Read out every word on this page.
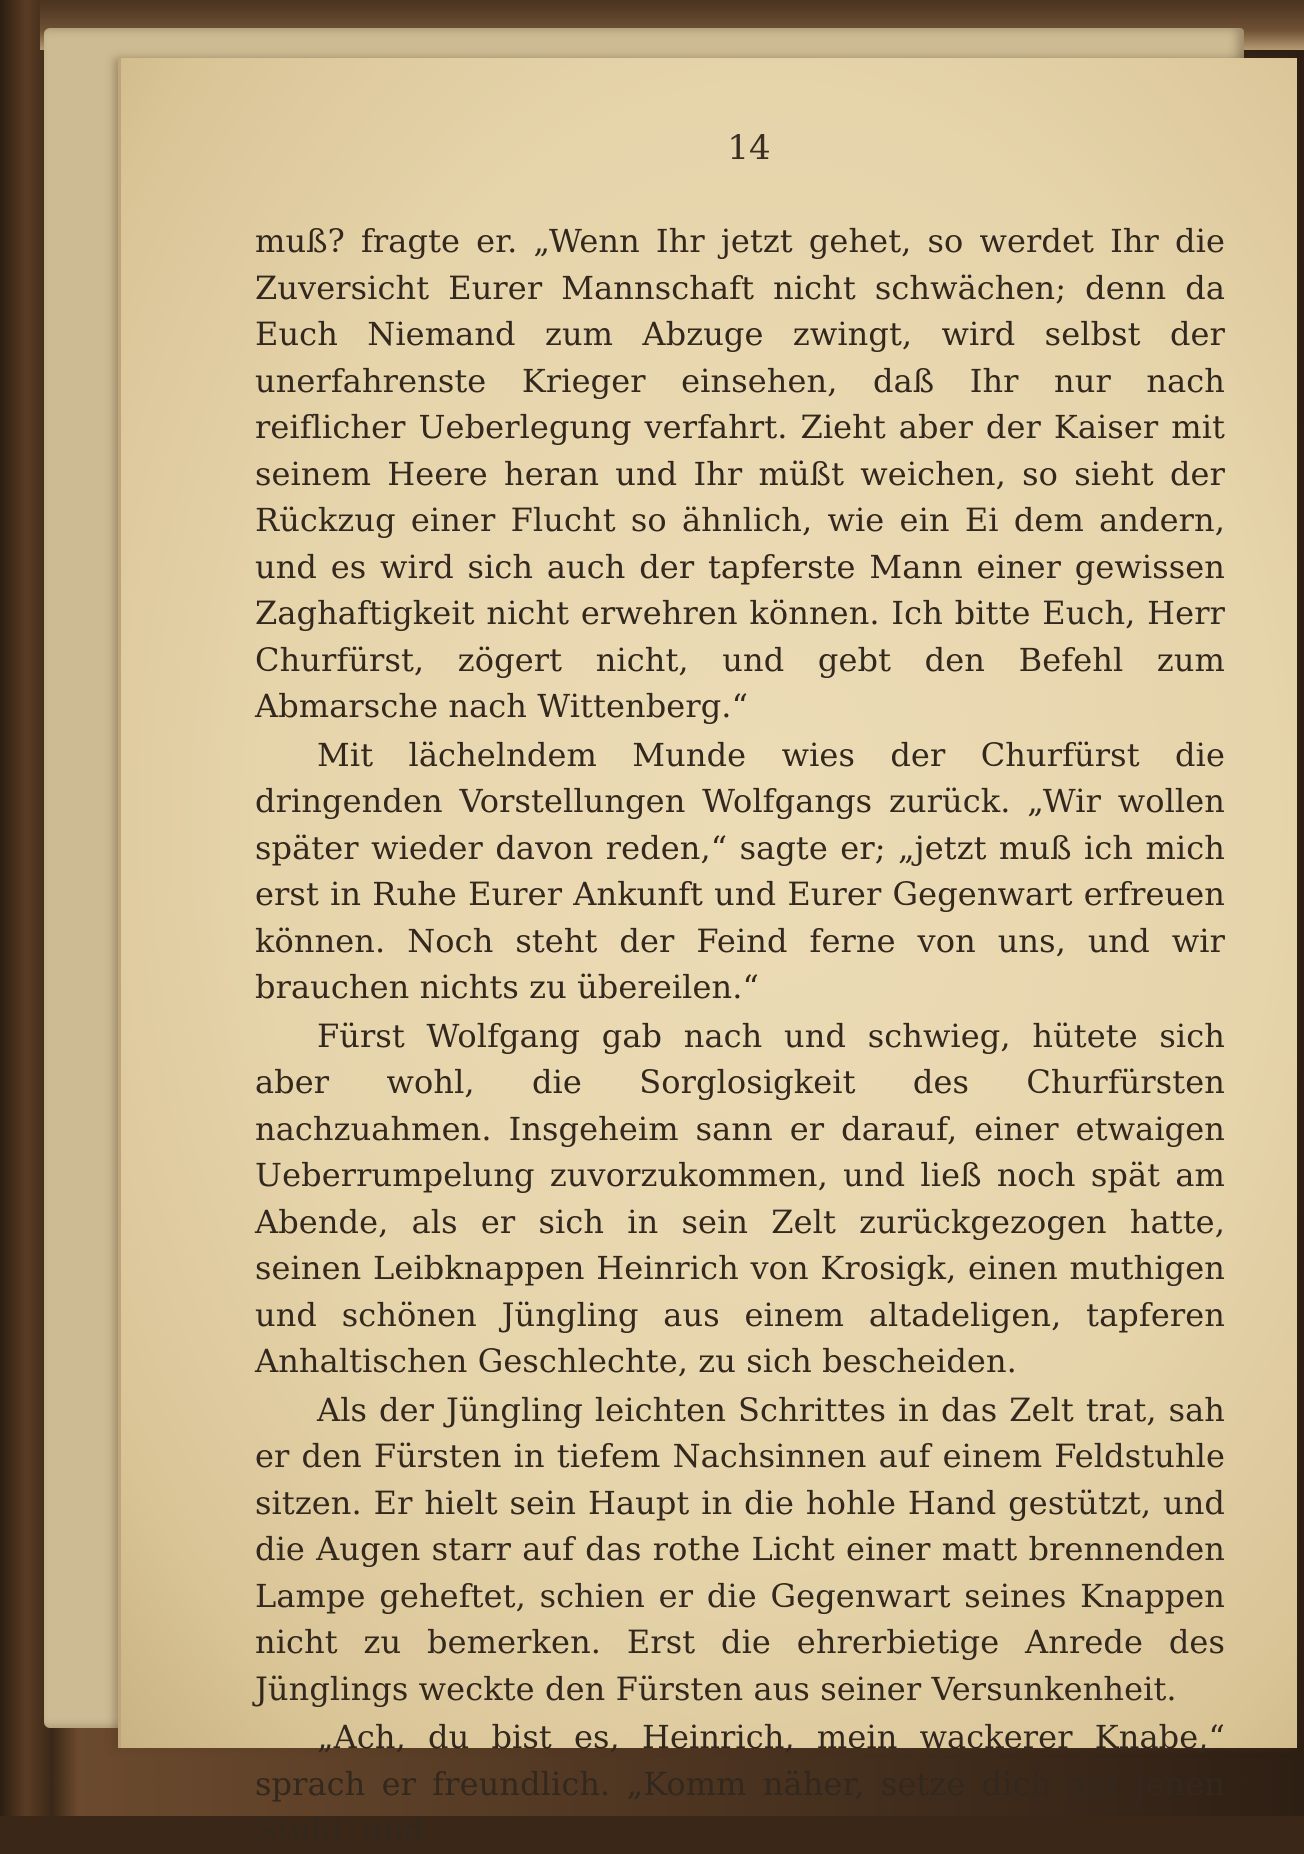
14

muß? fragte er. „Wenn Ihr jetzt gehet, so werdet Ihr die Zuversicht Eurer Mannschaft nicht schwächen; denn da Euch Niemand zum Abzuge zwingt, wird selbst der unerfahrenste Krieger einsehen, daß Ihr nur nach reiflicher Ueberlegung verfahrt. Zieht aber der Kaiser mit seinem Heere heran und Ihr müßt weichen, so sieht der Rückzug einer Flucht so ähnlich, wie ein Ei dem andern, und es wird sich auch der tapferste Mann einer gewissen Zaghaftigkeit nicht erwehren können. Ich bitte Euch, Herr Churfürst, zögert nicht, und gebt den Befehl zum Abmarsche nach Wittenberg.“

Mit lächelndem Munde wies der Churfürst die dringenden Vorstellungen Wolfgangs zurück. „Wir wollen später wieder davon reden,“ sagte er; „jetzt muß ich mich erst in Ruhe Eurer Ankunft und Eurer Gegenwart erfreuen können. Noch steht der Feind ferne von uns, und wir brauchen nichts zu übereilen.“

Fürst Wolfgang gab nach und schwieg, hütete sich aber wohl, die Sorglosigkeit des Churfürsten nachzuahmen. Insgeheim sann er darauf, einer etwaigen Ueberrumpelung zuvorzukommen, und ließ noch spät am Abende, als er sich in sein Zelt zurückgezogen hatte, seinen Leibknappen Heinrich von Krosigk, einen muthigen und schönen Jüngling aus einem altadeligen, tapferen Anhaltischen Geschlechte, zu sich bescheiden.

Als der Jüngling leichten Schrittes in das Zelt trat, sah er den Fürsten in tiefem Nachsinnen auf einem Feldstuhle sitzen. Er hielt sein Haupt in die hohle Hand gestützt, und die Augen starr auf das rothe Licht einer matt brennenden Lampe geheftet, schien er die Gegenwart seines Knappen nicht zu bemerken. Erst die ehrerbietige Anrede des Jünglings weckte den Fürsten aus seiner Versunkenheit.

„Ach, du bist es, Heinrich, mein wackerer Knabe,“ sprach er freundlich. „Komm näher, setze dich auf jenen Stuhl, und
